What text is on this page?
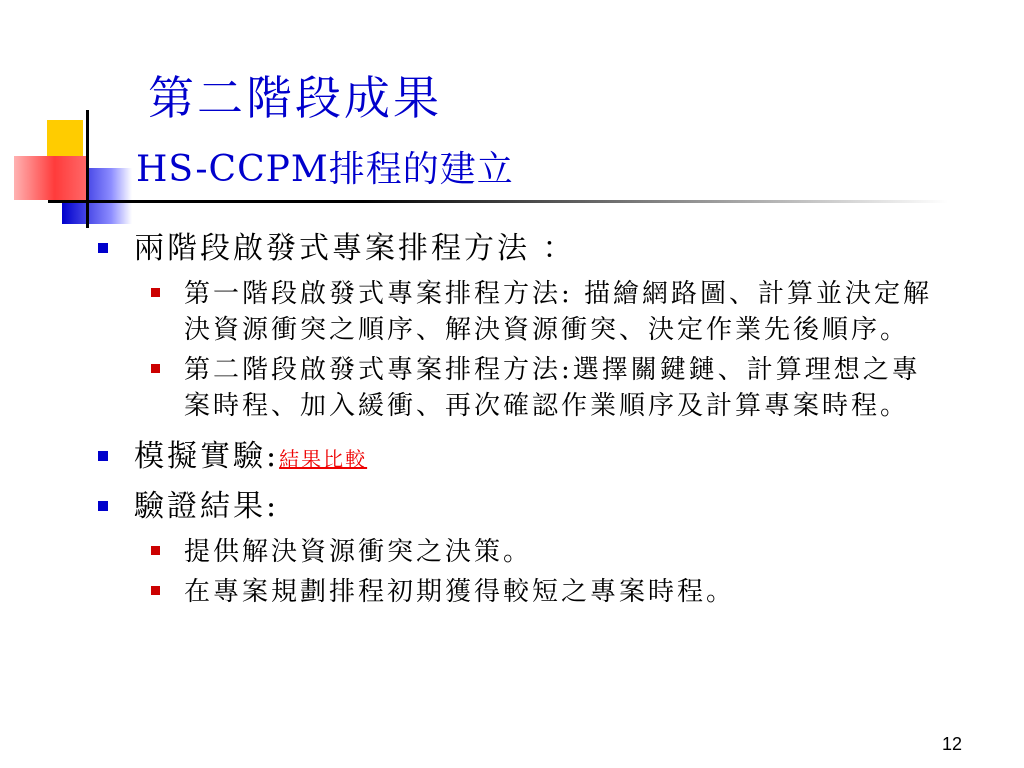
第二階段成果
HS-CCPM排程的建立
兩階段啟發式專案排程方法 ：
第一階段啟發式專案排程方法: 描繪網路圖、計算並決定解決資源衝突之順序、解決資源衝突、決定作業先後順序。
第二階段啟發式專案排程方法:選擇關鍵鏈、計算理想之專案時程、加入緩衝、再次確認作業順序及計算專案時程。
模擬實驗:結果比較
驗證結果:
提供解決資源衝突之決策。
在專案規劃排程初期獲得較短之專案時程。
12
